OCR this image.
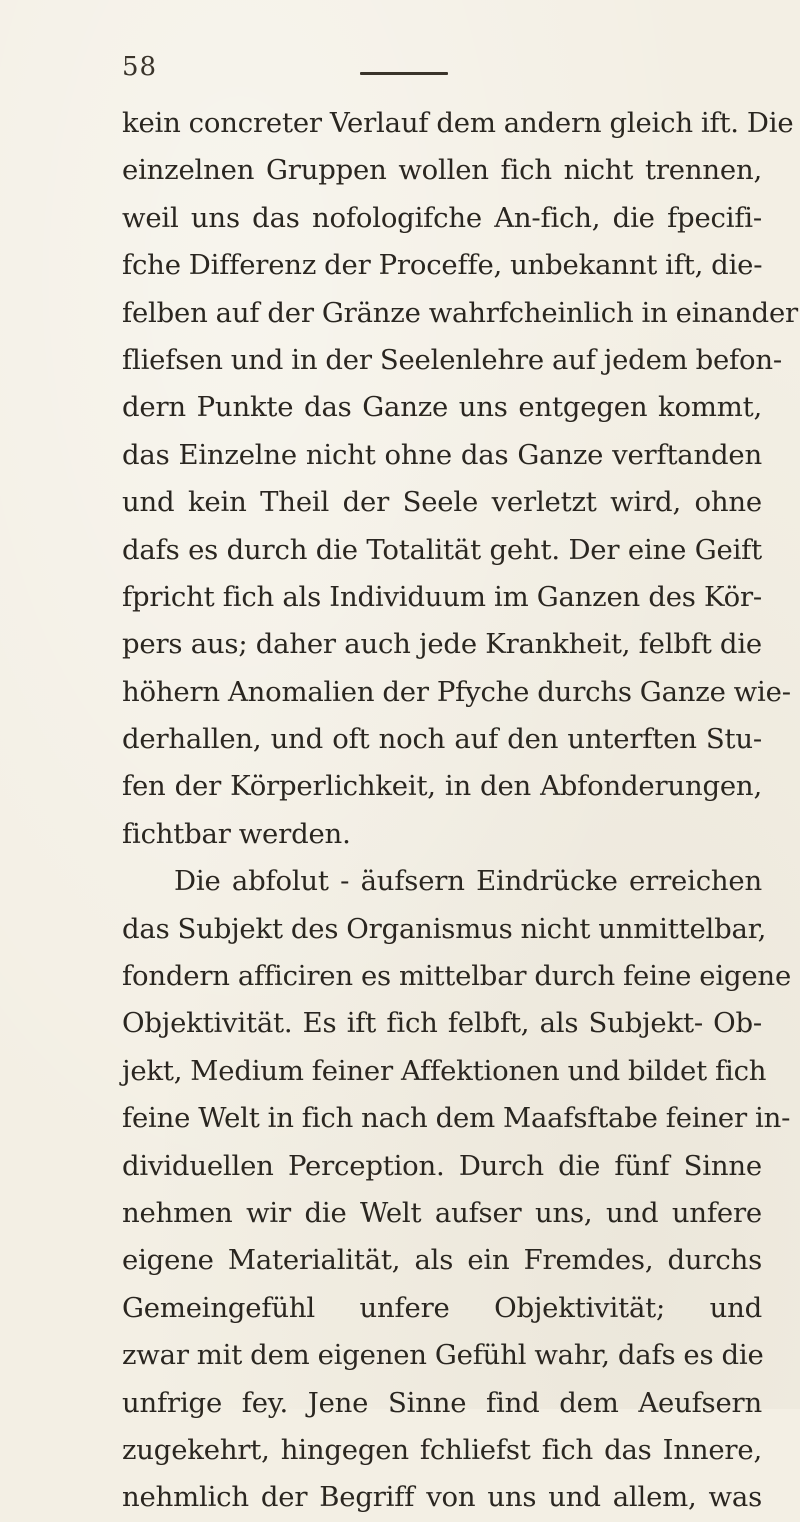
58
kein concreter Verlauf dem andern gleich ift. Die
einzelnen Gruppen wollen fich nicht trennen,
weil uns das nofologifche An-fich, die fpecifi-
fche Differenz der Proceffe, unbekannt ift, die-
felben auf der Gränze wahrfcheinlich in einander
fliefsen und in der Seelenlehre auf jedem befon-
dern Punkte das Ganze uns entgegen kommt,
das Einzelne nicht ohne das Ganze verftanden
und kein Theil der Seele verletzt wird, ohne
dafs es durch die Totalität geht. Der eine Geift
fpricht fich als Individuum im Ganzen des Kör-
pers aus; daher auch jede Krankheit, felbft die
höhern Anomalien der Pfyche durchs Ganze wie-
derhallen, und oft noch auf den unterften Stu-
fen der Körperlichkeit, in den Abfonderungen,
fichtbar werden.
Die abfolut - äufsern Eindrücke erreichen
das Subjekt des Organismus nicht unmittelbar,
fondern afficiren es mittelbar durch feine eigene
Objektivität. Es ift fich felbft, als Subjekt- Ob-
jekt, Medium feiner Affektionen und bildet fich
feine Welt in fich nach dem Maafsftabe feiner in-
dividuellen Perception. Durch die fünf Sinne
nehmen wir die Welt aufser uns, und unfere
eigene Materialität, als ein Fremdes, durchs
Gemeingefühl unfere Objektivität; und
zwar mit dem eigenen Gefühl wahr, dafs es die
unfrige fey. Jene Sinne find dem Aeufsern
zugekehrt, hingegen fchliefst fich das Innere,
nehmlich der Begriff von uns und allem, was
